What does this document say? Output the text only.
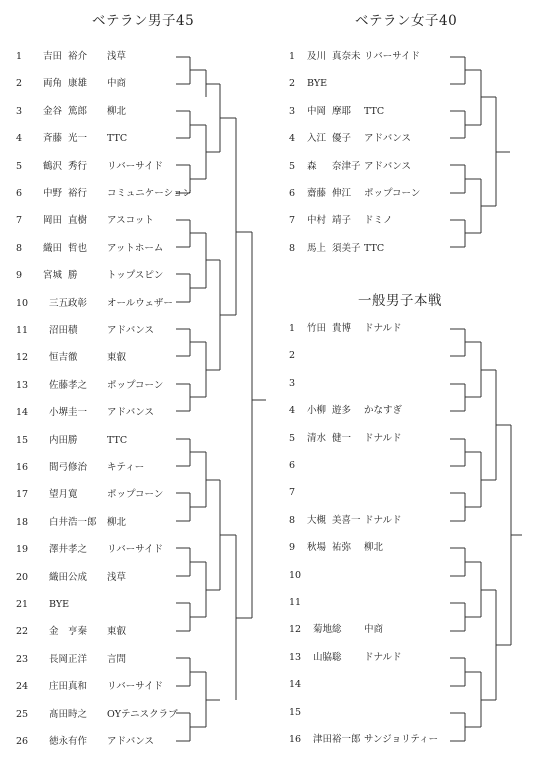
ベテラン男子45
1 吉田 裕介 浅草
2 両角 康雄 中商
3 金谷 篤郎 柳北
4 斉藤 光一 TTC
5 鶴沢 秀行 リバーサイド
6 中野 裕行 コミュニケーション
7 岡田 直樹 アスコット
8 織田 哲也 アットホーム
9 宮城 勝	トップスピン
10 三五 政彰 オールウェザー
11 沼田 積	アドバンス
12 恒吉 徹	東叡
13 佐藤 孝之 ポップコーン
14 小堺 圭一 アドバンス
15 内田 勝	TTC
16 間弓 修治 キティー
17 望月 寛	ポップコーン
18 白井 浩一郎 柳北
19 澤井 孝之 リバーサイド
20 織田 公成 浅草
21 BYE
22 金 亨秦 東叡
23 長岡 正洋 言問
24 庄田 真和 リバーサイド
25 髙田 時之 OYテニスクラブ
26 徳永 有作 アドバンス
ベテラン女子40
1 及川 真奈未 リバーサイド
2 BYE
3 中岡 摩耶 TTC
4 入江 優子 アドバンス
5 森 奈津子 アドバンス
6 齋藤 伸江 ポップコーン
7 中村 靖子 ドミノ
8 馬上 須美子 TTC
一般男子本戦
1 竹田 貴博 ドナルド
2
3
4 小柳 遊多 かなすぎ
5 清水 健一 ドナルド
6
7
8 大槻 美喜一 ドナルド
9 秋場 祐弥 柳北
10
11
12 菊地 総 中商
13 山脇 聡 ドナルド
14
15
16 津田 裕一郎 サンジョリティー
